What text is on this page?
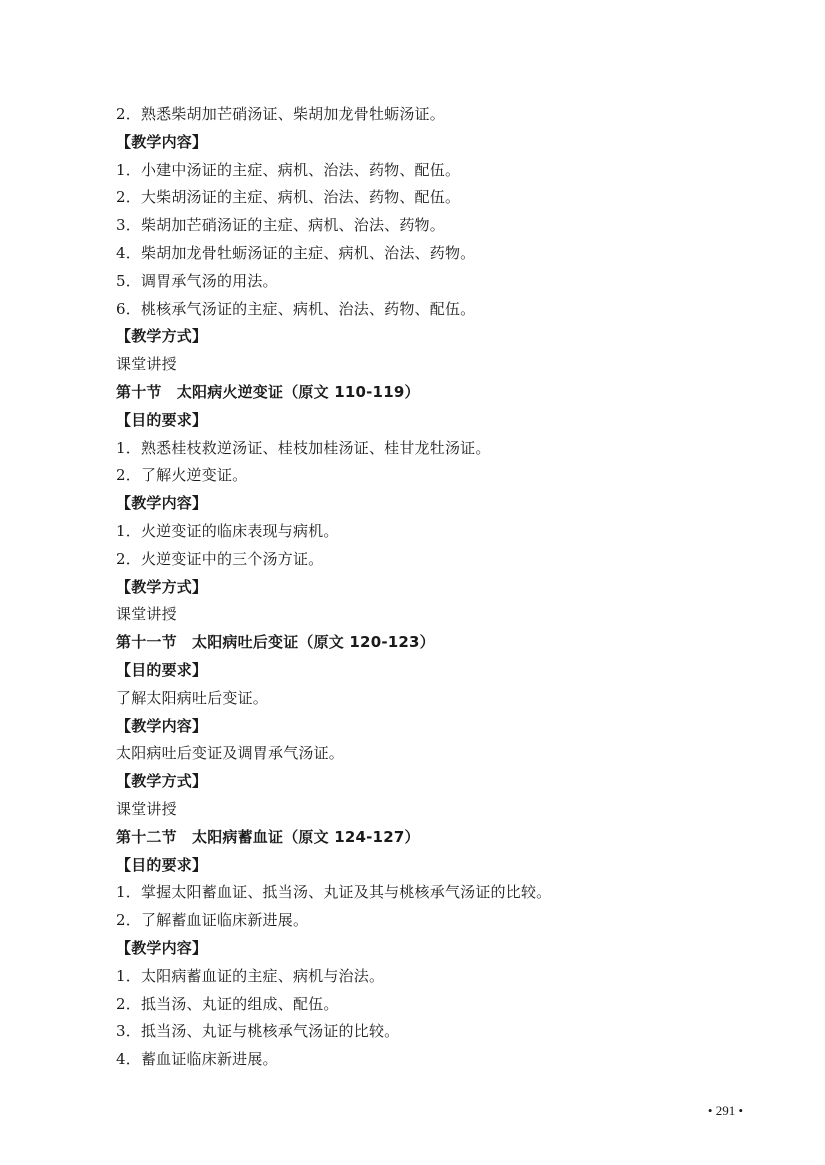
2．熟悉柴胡加芒硝汤证、柴胡加龙骨牡蛎汤证。
【教学内容】
1．小建中汤证的主症、病机、治法、药物、配伍。
2．大柴胡汤证的主症、病机、治法、药物、配伍。
3．柴胡加芒硝汤证的主症、病机、治法、药物。
4．柴胡加龙骨牡蛎汤证的主症、病机、治法、药物。
5．调胃承气汤的用法。
6．桃核承气汤证的主症、病机、治法、药物、配伍。
【教学方式】
课堂讲授
第十节　太阳病火逆变证（原文 110-119）
【目的要求】
1．熟悉桂枝救逆汤证、桂枝加桂汤证、桂甘龙牡汤证。
2．了解火逆变证。
【教学内容】
1．火逆变证的临床表现与病机。
2．火逆变证中的三个汤方证。
【教学方式】
课堂讲授
第十一节　太阳病吐后变证（原文 120-123）
【目的要求】
了解太阳病吐后变证。
【教学内容】
太阳病吐后变证及调胃承气汤证。
【教学方式】
课堂讲授
第十二节　太阳病蓄血证（原文 124-127）
【目的要求】
1．掌握太阳蓄血证、抵当汤、丸证及其与桃核承气汤证的比较。
2．了解蓄血证临床新进展。
【教学内容】
1．太阳病蓄血证的主症、病机与治法。
2．抵当汤、丸证的组成、配伍。
3．抵当汤、丸证与桃核承气汤证的比较。
4．蓄血证临床新进展。
• 291 •
